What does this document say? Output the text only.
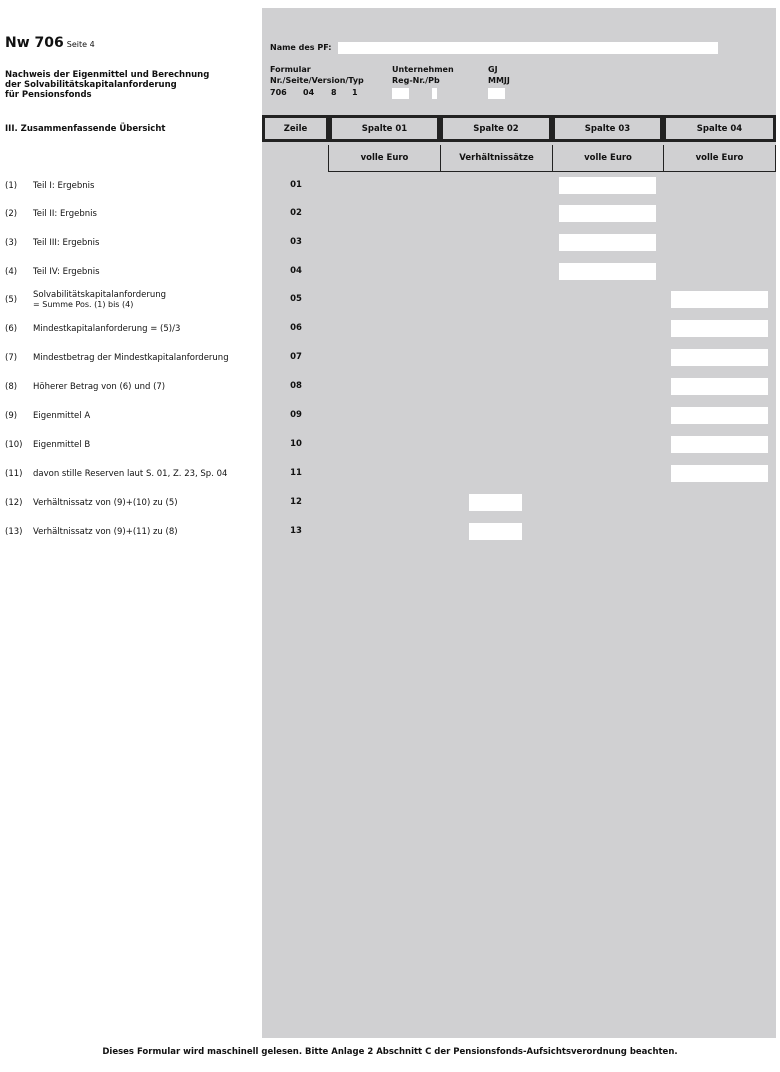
Nw 706 Seite 4
Nachweis der Eigenmittel und Berechnung
der Solvabilitätskapitalanforderung
für Pensionsfonds
III. Zusammenfassende Übersicht
Name des PF:
Formular
Nr./Seite/Version/Typ
706 04 8 1
Unternehmen
Reg-Nr./Pb
GJ
MMJJ
Zeile	Spalte 01	Spalte 02	Spalte 03	Spalte 04
volle Euro	Verhältnissätze	volle Euro	volle Euro
(1) Teil I: Ergebnis	01
(2) Teil II: Ergebnis	02
(3) Teil III: Ergebnis	03
(4) Teil IV: Ergebnis	04
(5) Solvabilitätskapitalanforderung
= Summe Pos. (1) bis (4)
05
(6) Mindestkapitalanforderung = (5)/3	06
(7) Mindestbetrag der Mindestkapitalanforderung	07
(8) Höherer Betrag von (6) und (7)	08
(9) Eigenmittel A	09
(10) Eigenmittel B	10
(11) davon stille Reserven laut S. 01, Z. 23, Sp. 04	11
(12) Verhältnissatz von (9)+(10) zu (5)	12
(13) Verhältnissatz von (9)+(11) zu (8)	13
Dieses Formular wird maschinell gelesen. Bitte Anlage 2 Abschnitt C der Pensionsfonds-Aufsichtsverordnung beachten.
